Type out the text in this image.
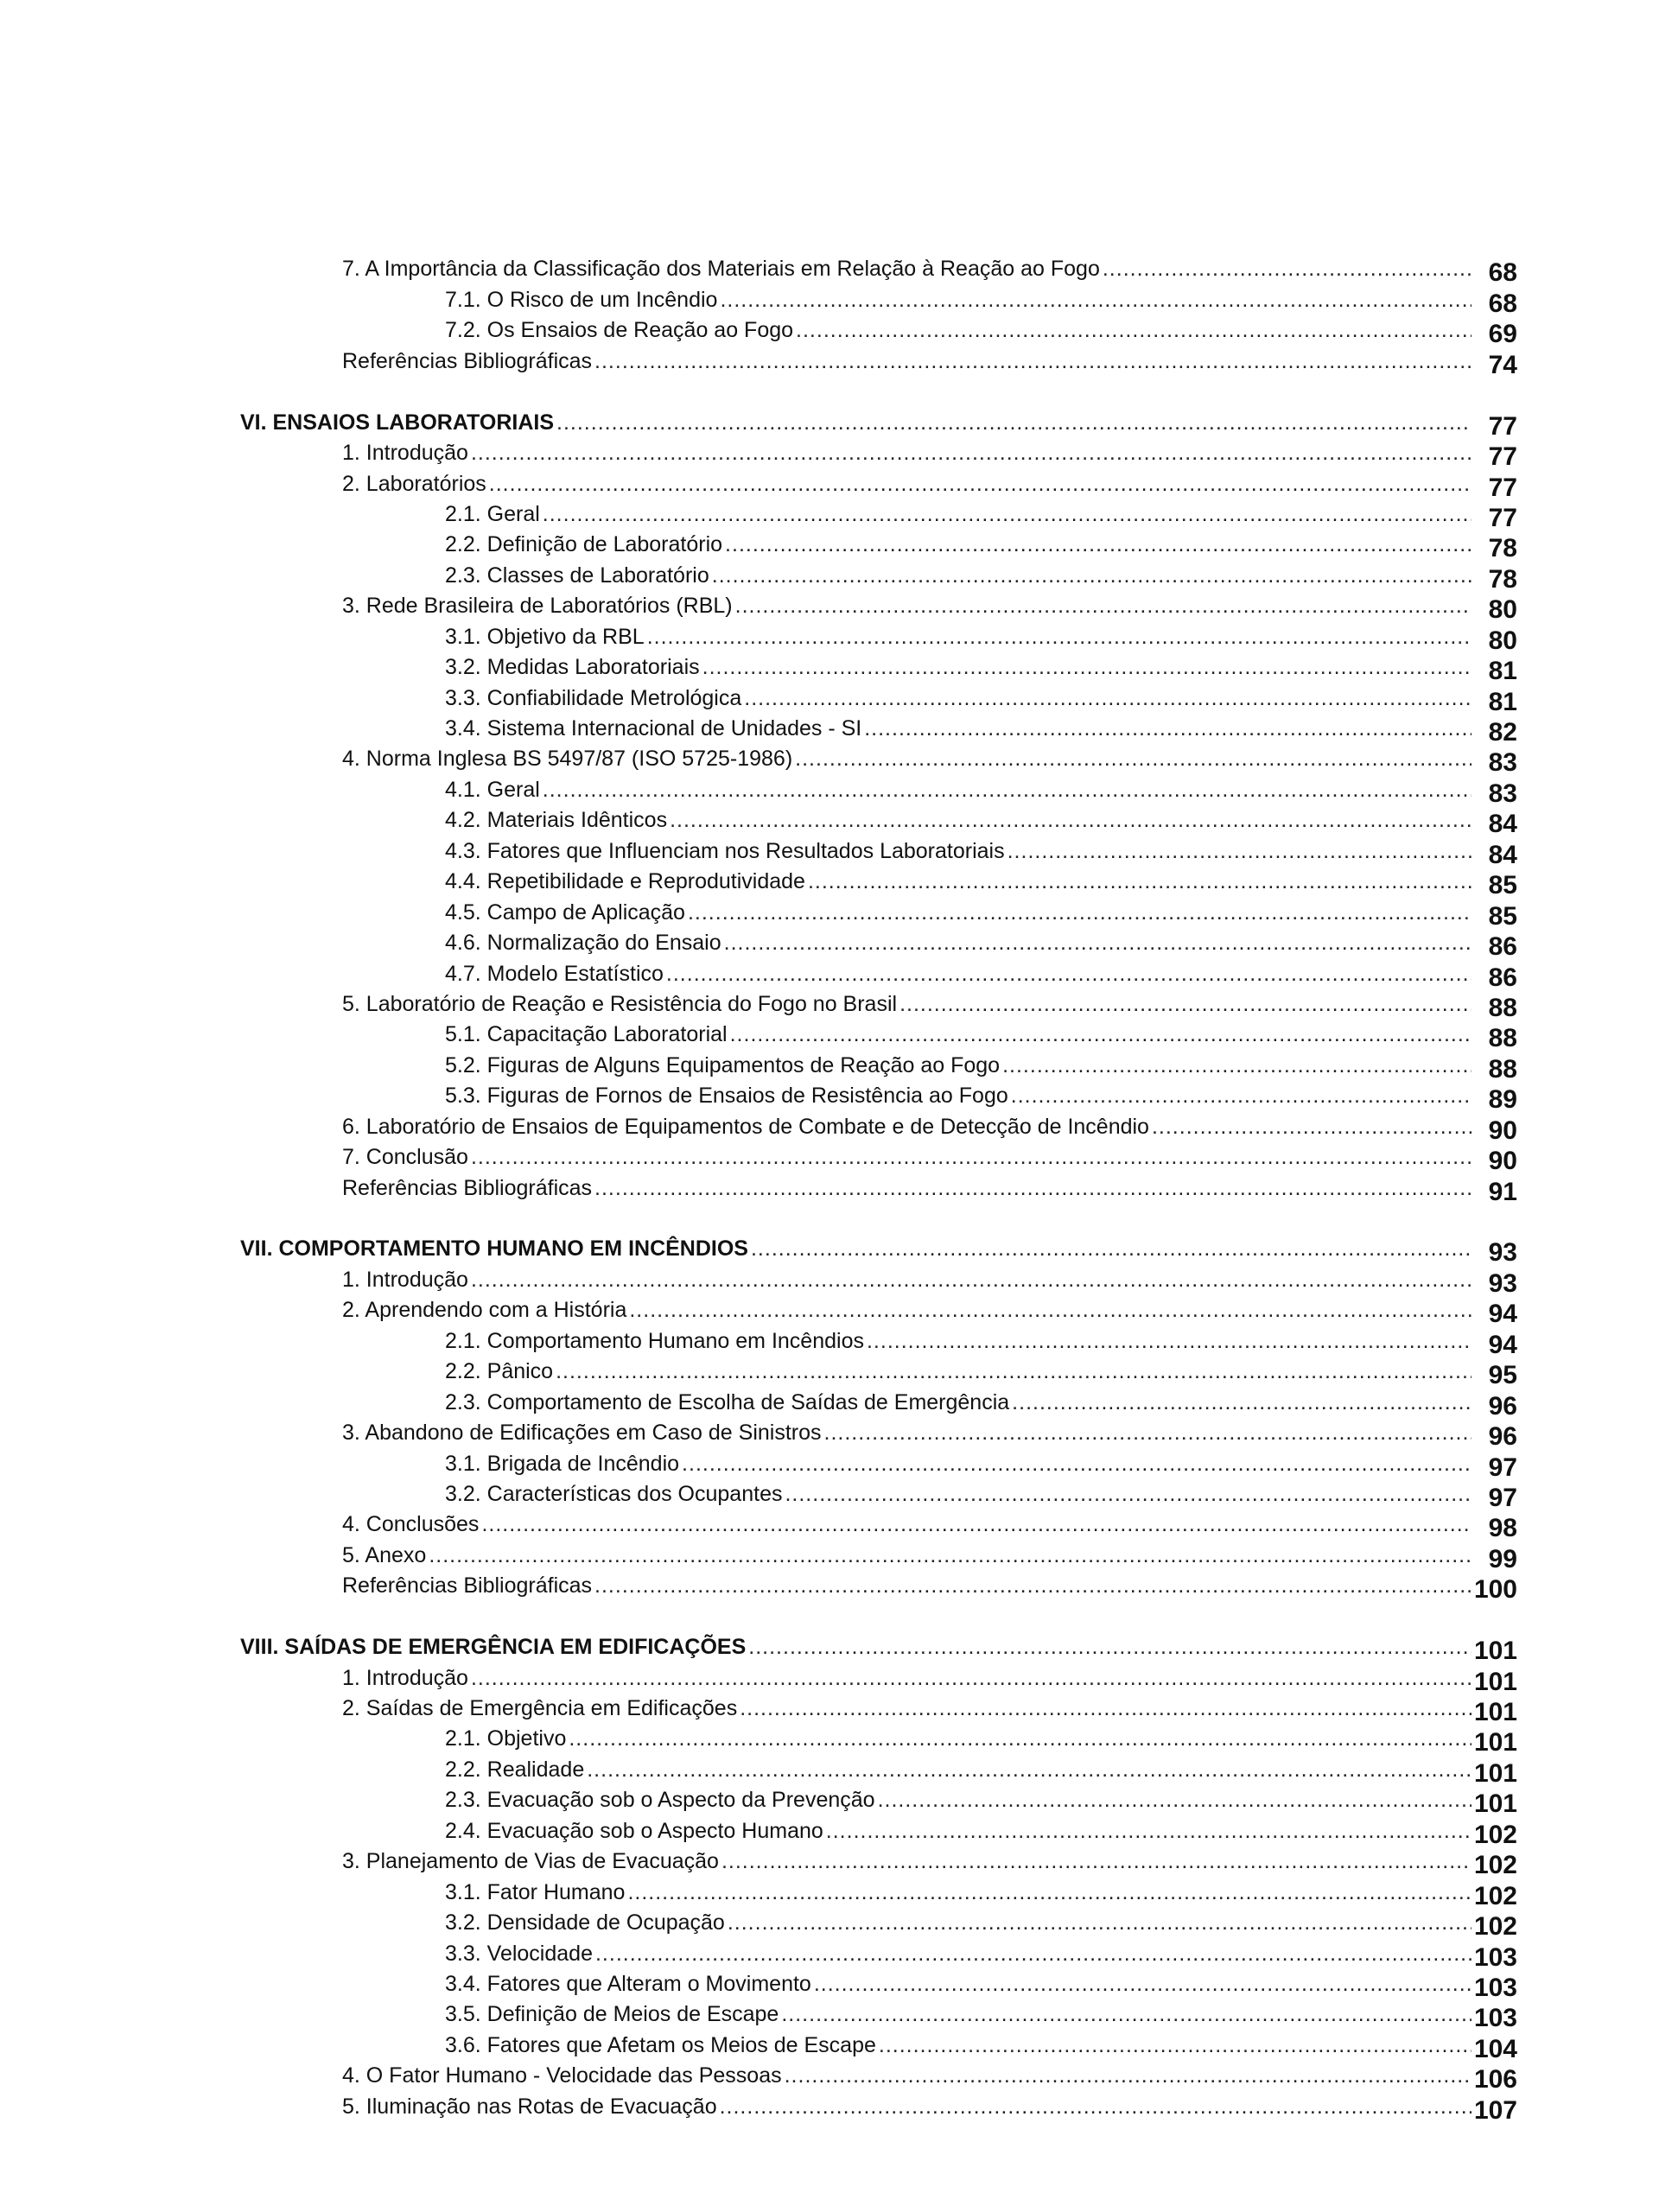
7. A Importância da Classificação dos Materiais em Relação à Reação ao Fogo .....	68
7.1. O Risco de um Incêndio .....	68
7.2. Os Ensaios de Reação ao Fogo .....	69
Referências Bibliográficas .....	74
VI. ENSAIOS LABORATORIAIS .....	77
1. Introdução .....	77
2. Laboratórios .....	77
2.1. Geral .....	77
2.2. Definição de Laboratório .....	78
2.3. Classes de Laboratório .....	78
3. Rede Brasileira de Laboratórios (RBL) .....	80
3.1. Objetivo da RBL .....	80
3.2. Medidas Laboratoriais .....	81
3.3. Confiabilidade Metrológica .....	81
3.4. Sistema Internacional de Unidades - SI .....	82
4. Norma Inglesa BS 5497/87 (ISO 5725-1986) .....	83
4.1. Geral .....	83
4.2. Materiais Idênticos .....	84
4.3. Fatores que Influenciam nos Resultados Laboratoriais .....	84
4.4. Repetibilidade e Reprodutividade .....	85
4.5. Campo de Aplicação .....	85
4.6. Normalização do Ensaio .....	86
4.7. Modelo Estatístico .....	86
5. Laboratório de Reação e Resistência do Fogo no Brasil .....	88
5.1. Capacitação Laboratorial .....	88
5.2. Figuras de Alguns Equipamentos de Reação ao Fogo .....	88
5.3. Figuras de Fornos de Ensaios de Resistência ao Fogo .....	89
6. Laboratório de Ensaios de Equipamentos de Combate e de Detecção de Incêndio .....	90
7. Conclusão .....	90
Referências Bibliográficas .....	91
VII. COMPORTAMENTO HUMANO EM INCÊNDIOS .....	93
1. Introdução .....	93
2. Aprendendo com a História .....	94
2.1. Comportamento Humano em Incêndios .....	94
2.2. Pânico .....	95
2.3. Comportamento de Escolha de Saídas de Emergência .....	96
3. Abandono de Edificações em Caso de Sinistros .....	96
3.1. Brigada de Incêndio .....	97
3.2. Características dos Ocupantes .....	97
4. Conclusões .....	98
5. Anexo .....	99
Referências Bibliográficas .....	100
VIII. SAÍDAS DE EMERGÊNCIA EM EDIFICAÇÕES .....	101
1. Introdução .....	101
2. Saídas de Emergência em Edificações .....	101
2.1. Objetivo .....	101
2.2. Realidade .....	101
2.3. Evacuação sob o Aspecto da Prevenção .....	101
2.4. Evacuação sob o Aspecto Humano .....	102
3. Planejamento de Vias de Evacuação .....	102
3.1. Fator Humano .....	102
3.2. Densidade de Ocupação .....	102
3.3. Velocidade .....	103
3.4. Fatores que Alteram o Movimento .....	103
3.5. Definição de Meios de Escape .....	103
3.6. Fatores que Afetam os Meios de Escape .....	104
4. O Fator Humano - Velocidade das Pessoas .....	106
5. Iluminação nas Rotas de Evacuação .....	107
